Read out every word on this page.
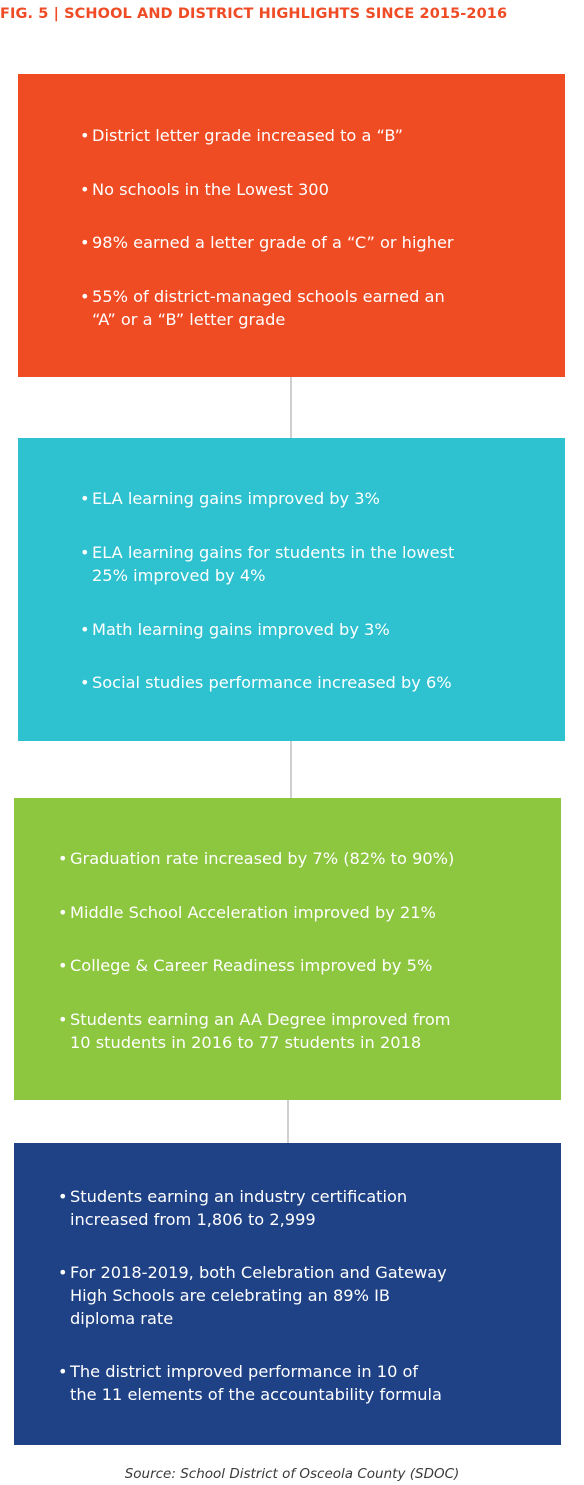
FIG. 5 | SCHOOL AND DISTRICT HIGHLIGHTS SINCE 2015-2016
• District letter grade increased to a “B”
• No schools in the Lowest 300
• 98% earned a letter grade of a “C” or higher
• 55% of district-managed schools earned an
“A” or a “B” letter grade
• ELA learning gains improved by 3%
• ELA learning gains for students in the lowest
25% improved by 4%
• Math learning gains improved by 3%
• Social studies performance increased by 6%
• Graduation rate increased by 7% (82% to 90%)
• Middle School Acceleration improved by 21%
• College & Career Readiness improved by 5%
• Students earning an AA Degree improved from
10 students in 2016 to 77 students in 2018
• Students earning an industry certification
increased from 1,806 to 2,999
• For 2018-2019, both Celebration and Gateway
High Schools are celebrating an 89% IB
diploma rate
• The district improved performance in 10 of
the 11 elements of the accountability formula
Source: School District of Osceola County (SDOC)
